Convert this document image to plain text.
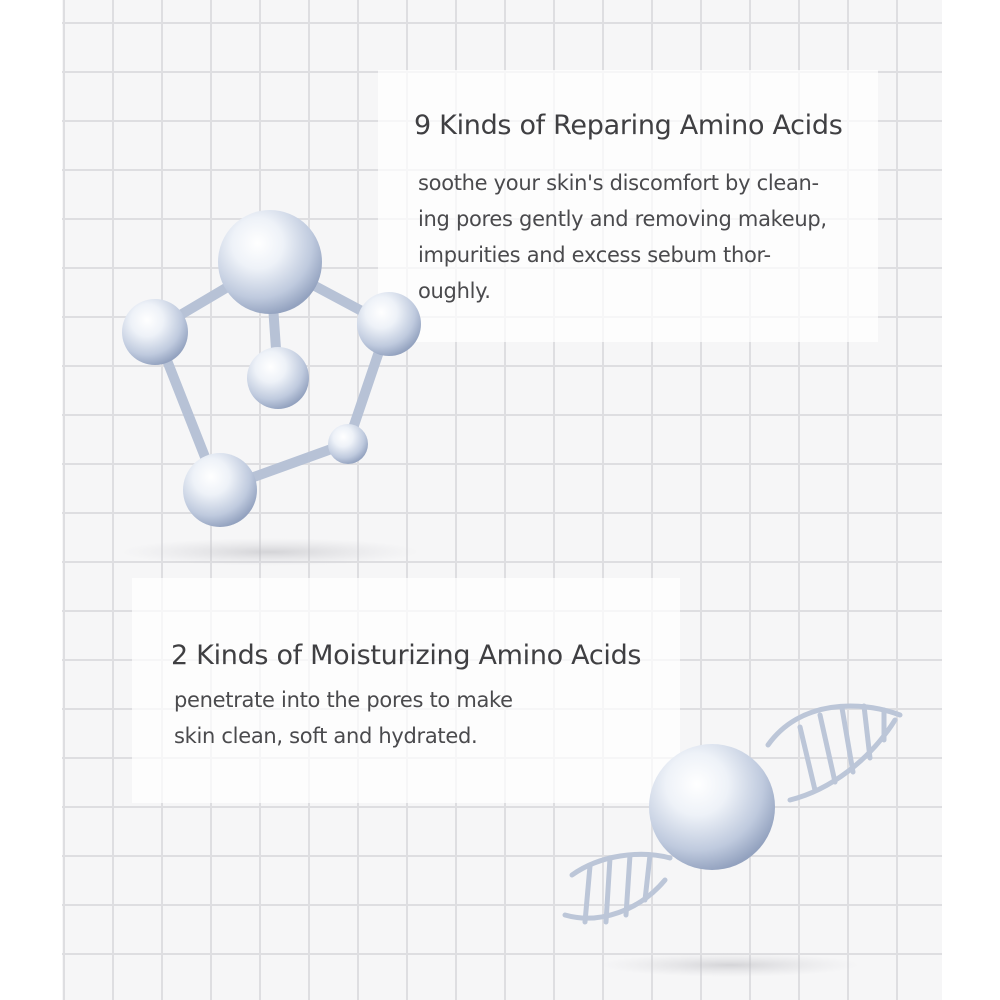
9 Kinds of Reparing Amino Acids
soothe your skin's discomfort by clean-
ing pores gently and removing makeup,
impurities and excess sebum thor-
oughly.
2 Kinds of Moisturizing Amino Acids
penetrate into the pores to make
skin clean, soft and hydrated.
